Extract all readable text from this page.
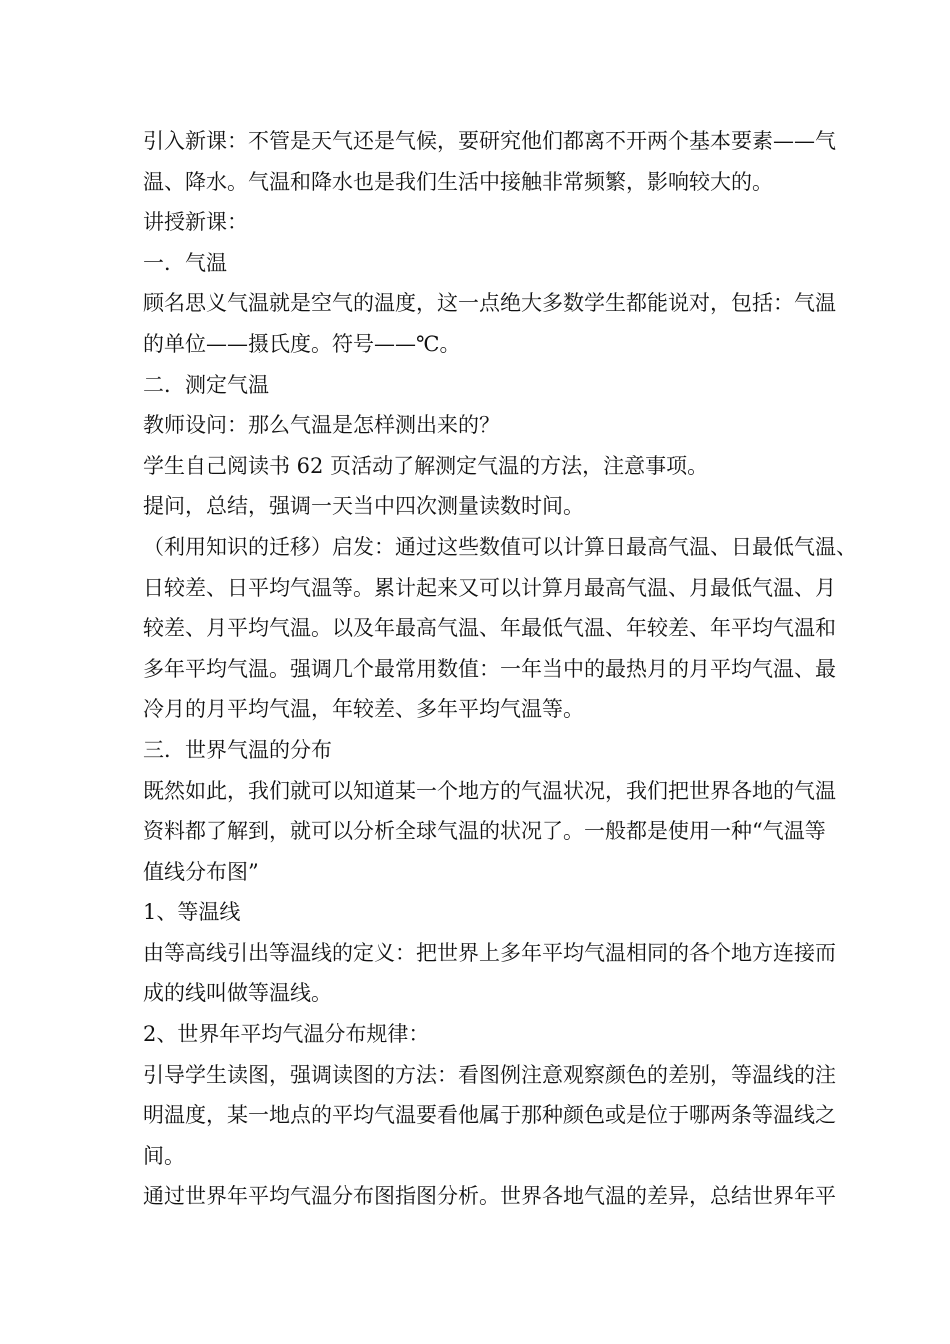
引入新课：不管是天气还是气候，要研究他们都离不开两个基本要素——气
温、降水。气温和降水也是我们生活中接触非常频繁，影响较大的。
讲授新课：
一．气温
顾名思义气温就是空气的温度，这一点绝大多数学生都能说对，包括：气温
的单位——摄氏度。符号——℃。
二．测定气温
教师设问：那么气温是怎样测出来的？
学生自己阅读书 62 页活动了解测定气温的方法，注意事项。
提问，总结，强调一天当中四次测量读数时间。
（利用知识的迁移）启发：通过这些数值可以计算日最高气温、日最低气温、
日较差、日平均气温等。累计起来又可以计算月最高气温、月最低气温、月
较差、月平均气温。以及年最高气温、年最低气温、年较差、年平均气温和
多年平均气温。强调几个最常用数值：一年当中的最热月的月平均气温、最
冷月的月平均气温，年较差、多年平均气温等。
三．世界气温的分布
既然如此，我们就可以知道某一个地方的气温状况，我们把世界各地的气温
资料都了解到，就可以分析全球气温的状况了。一般都是使用一种“气温等
值线分布图”
1、等温线
由等高线引出等温线的定义：把世界上多年平均气温相同的各个地方连接而
成的线叫做等温线。
2、世界年平均气温分布规律：
引导学生读图，强调读图的方法：看图例注意观察颜色的差别，等温线的注
明温度，某一地点的平均气温要看他属于那种颜色或是位于哪两条等温线之
间。
通过世界年平均气温分布图指图分析。世界各地气温的差异，总结世界年平
